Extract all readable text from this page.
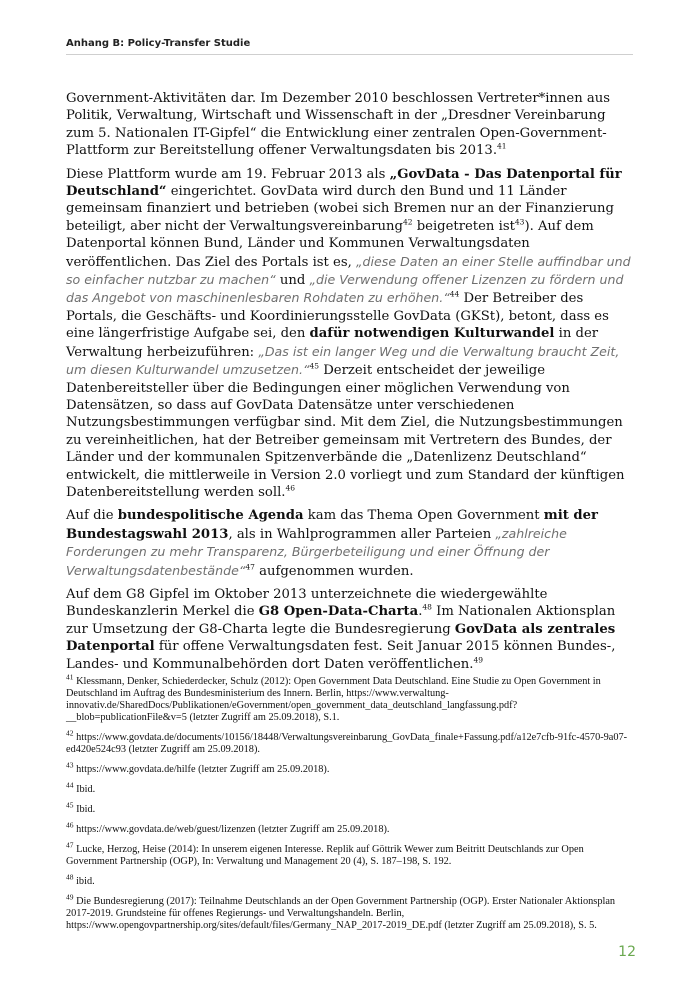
Anhang B: Policy-Transfer Studie

Government-Aktivitäten dar. Im Dezember 2010 beschlossen Vertreter*innen aus Politik, Verwaltung, Wirtschaft und Wissenschaft in der „Dresdner Vereinbarung zum 5. Nationalen IT-Gipfel“ die Entwicklung einer zentralen Open-Government-Plattform zur Bereitstellung offener Verwaltungsdaten bis 2013.41

Diese Plattform wurde am 19. Februar 2013 als „GovData - Das Datenportal für Deutschland“ eingerichtet. GovData wird durch den Bund und 11 Länder gemeinsam finanziert und betrieben (wobei sich Bremen nur an der Finanzierung beteiligt, aber nicht der Verwaltungsvereinbarung$^{42}$ beigetreten ist$^{43}$). Auf dem Datenportal können Bund, Länder und Kommunen Verwaltungsdaten veröffentlichen. Das Ziel des Portals ist es, „diese Daten an einer Stelle auffindbar und so einfacher nutzbar zu machen“ und „die Verwendung offener Lizenzen zu fördern und das Angebot von maschinenlesbaren Rohdaten zu erhöhen.“$^{44}$ Der Betreiber des Portals, die Geschäfts- und Koordinierungsstelle GovData (GKSt), betont, dass es eine längerfristige Aufgabe sei, den dafür notwendigen Kulturwandel in der Verwaltung herbeizuführen: „Das ist ein langer Weg und die Verwaltung braucht Zeit, um diesen Kulturwandel umzusetzen.“$^{45}$ Derzeit entscheidet der jeweilige Datenbereitsteller über die Bedingungen einer möglichen Verwendung von Datensätzen, so dass auf GovData Datensätze unter verschiedenen Nutzungsbestimmungen verfügbar sind. Mit dem Ziel, die Nutzungsbestimmungen zu vereinheitlichen, hat der Betreiber gemeinsam mit Vertretern des Bundes, der Länder und der kommunalen Spitzenverbände die „Datenlizenz Deutschland“ entwickelt, die mittlerweile in Version 2.0 vorliegt und zum Standard der künftigen Datenbereitstellung werden soll.$^{46}$

Auf die bundespolitische Agenda kam das Thema Open Government mit der Bundestagswahl 2013, als in Wahlprogrammen aller Parteien „zahlreiche Forderungen zu mehr Transparenz, Bürgerbeteiligung und einer Öffnung der Verwaltungsdatenbestände“$^{47}$ aufgenommen wurden.

Auf dem G8 Gipfel im Oktober 2013 unterzeichnete die wiedergewählte Bundeskanzlerin Merkel die G8 Open-Data-Charta.$^{48}$ Im Nationalen Aktionsplan zur Umsetzung der G8-Charta legte die Bundesregierung GovData als zentrales Datenportal für offene Verwaltungsdaten fest. Seit Januar 2015 können Bundes-, Landes- und Kommunalbehörden dort Daten veröffentlichen.$^{49}$

$^{41}$ Klessmann, Denker, Schiederdecker, Schulz (2012): Open Government Data Deutschland. Eine Studie zu Open Government in Deutschland im Auftrag des Bundesministerium des Innern. Berlin, https://www.verwaltung-innovativ.de/SharedDocs/Publikationen/eGovernment/open_government_data_deutschland_langfassung.pdf?__blob=publicationFile&v=5 (letzter Zugriff am 25.09.2018), S.1.
$^{42}$ https://www.govdata.de/documents/10156/18448/Verwaltungsvereinbarung_GovData_finale+Fassung.pdf/a12e7cfb-91fc-4570-9a07-ed420e524c93 (letzter Zugriff am 25.09.2018).
$^{43}$ https://www.govdata.de/hilfe (letzter Zugriff am 25.09.2018).
$^{44}$ Ibid.
$^{45}$ Ibid.
$^{46}$ https://www.govdata.de/web/guest/lizenzen (letzter Zugriff am 25.09.2018).
$^{47}$ Lucke, Herzog, Heise (2014): In unserem eigenen Interesse. Replik auf Göttrik Wewer zum Beitritt Deutschlands zur Open Government Partnership (OGP), In: Verwaltung und Management 20 (4), S. 187–198, S. 192.
$^{48}$ ibid.
$^{49}$ Die Bundesregierung (2017): Teilnahme Deutschlands an der Open Government Partnership (OGP). Erster Nationaler Aktionsplan 2017-2019. Grundsteine für offenes Regierungs- und Verwaltungshandeln. Berlin, https://www.opengovpartnership.org/sites/default/files/Germany_NAP_2017-2019_DE.pdf (letzter Zugriff am 25.09.2018), S. 5.
12
